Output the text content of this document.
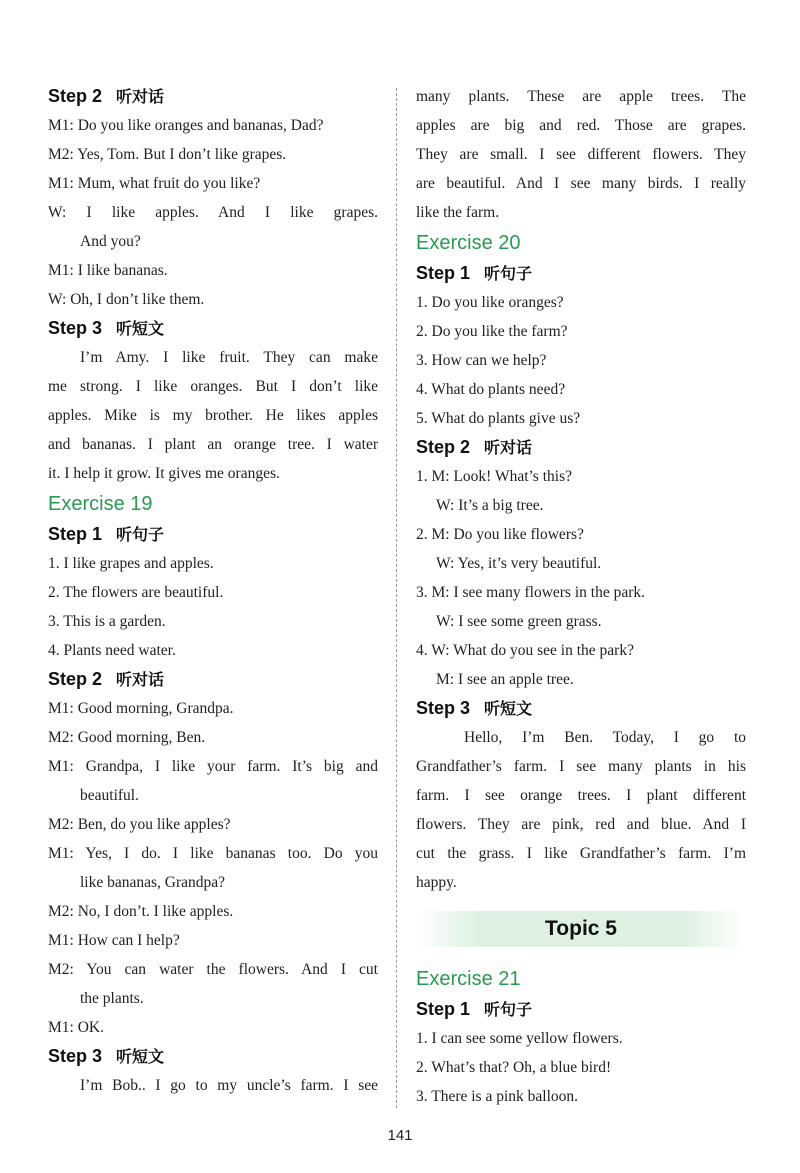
Step 2 听对话
M1: Do you like oranges and bananas, Dad?
M2: Yes, Tom. But I don’t like grapes.
M1: Mum, what fruit do you like?
W: I like apples. And I like grapes.
And you?
M1: I like bananas.
W: Oh, I don’t like them.
Step 3 听短文
I’m Amy. I like fruit. They can make
me strong. I like oranges. But I don’t like
apples. Mike is my brother. He likes apples
and bananas. I plant an orange tree. I water
it. I help it grow. It gives me oranges.
Exercise 19
Step 1 听句子
1. I like grapes and apples.
2. The flowers are beautiful.
3. This is a garden.
4. Plants need water.
Step 2 听对话
M1: Good morning, Grandpa.
M2: Good morning, Ben.
M1: Grandpa, I like your farm. It’s big and
beautiful.
M2: Ben, do you like apples?
M1: Yes, I do. I like bananas too. Do you
like bananas, Grandpa?
M2: No, I don’t. I like apples.
M1: How can I help?
M2: You can water the flowers. And I cut
the plants.
M1: OK.
Step 3 听短文
I’m Bob.. I go to my uncle’s farm. I see
many plants. These are apple trees. The
apples are big and red. Those are grapes.
They are small. I see different flowers. They
are beautiful. And I see many birds. I really
like the farm.
Exercise 20
Step 1 听句子
1. Do you like oranges?
2. Do you like the farm?
3. How can we help?
4. What do plants need?
5. What do plants give us?
Step 2 听对话
1. M: Look! What’s this?
W: It’s a big tree.
2. M: Do you like flowers?
W: Yes, it’s very beautiful.
3. M: I see many flowers in the park.
W: I see some green grass.
4. W: What do you see in the park?
M: I see an apple tree.
Step 3 听短文
Hello, I’m Ben. Today, I go to
Grandfather’s farm. I see many plants in his
farm. I see orange trees. I plant different
flowers. They are pink, red and blue. And I
cut the grass. I like Grandfather’s farm. I’m
happy.
Topic 5
Exercise 21
Step 1 听句子
1. I can see some yellow flowers.
2. What’s that? Oh, a blue bird!
3. There is a pink balloon.
141
